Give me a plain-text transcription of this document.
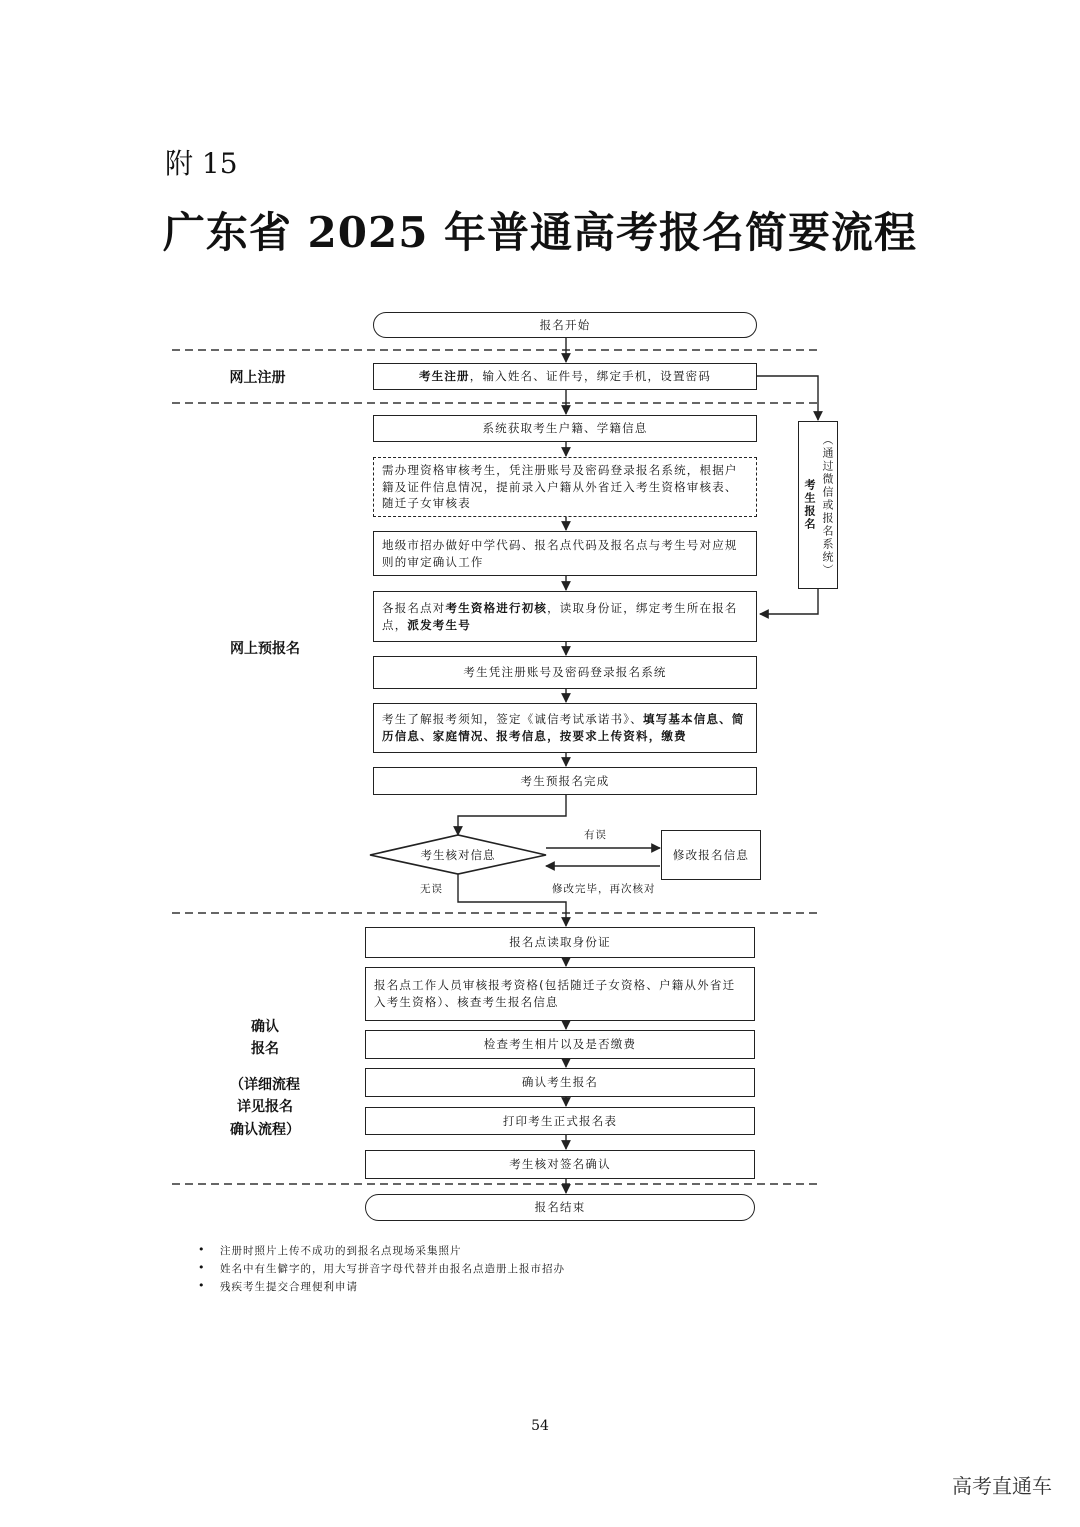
附 15
广东省 2025 年普通高考报名简要流程
网上注册
网上预报名
确认
报名
（详细流程
详见报名
确认流程）
报名开始
考生注册，输入姓名、证件号，绑定手机，设置密码
系统获取考生户籍、学籍信息
需办理资格审核考生，凭注册账号及密码登录报名系统，根据户籍及证件信息情况，提前录入户籍从外省迁入考生资格审核表、随迁子女审核表
地级市招办做好中学代码、报名点代码及报名点与考生号对应规则的审定确认工作
各报名点对考生资格进行初核，读取身份证，绑定考生所在报名点，派发考生号
考生凭注册账号及密码登录报名系统
考生了解报考须知，签定《诚信考试承诺书》、填写基本信息、简历信息、家庭情况、报考信息，按要求上传资料，缴费
考生预报名完成
考生核对信息	修改报名信息
有误
无误	修改完毕，再次核对
报名点读取身份证
报名点工作人员审核报考资格(包括随迁子女资格、户籍从外省迁入考生资格）、核查考生报名信息
检查考生相片以及是否缴费
确认考生报名
打印考生正式报名表
考生核对签名确认
报名结束
考生报名 （通过微信或报名系统）
• 注册时照片上传不成功的到报名点现场采集照片
• 姓名中有生僻字的，用大写拼音字母代替并由报名点造册上报市招办
• 残疾考生提交合理便利申请
54
高考直通车
